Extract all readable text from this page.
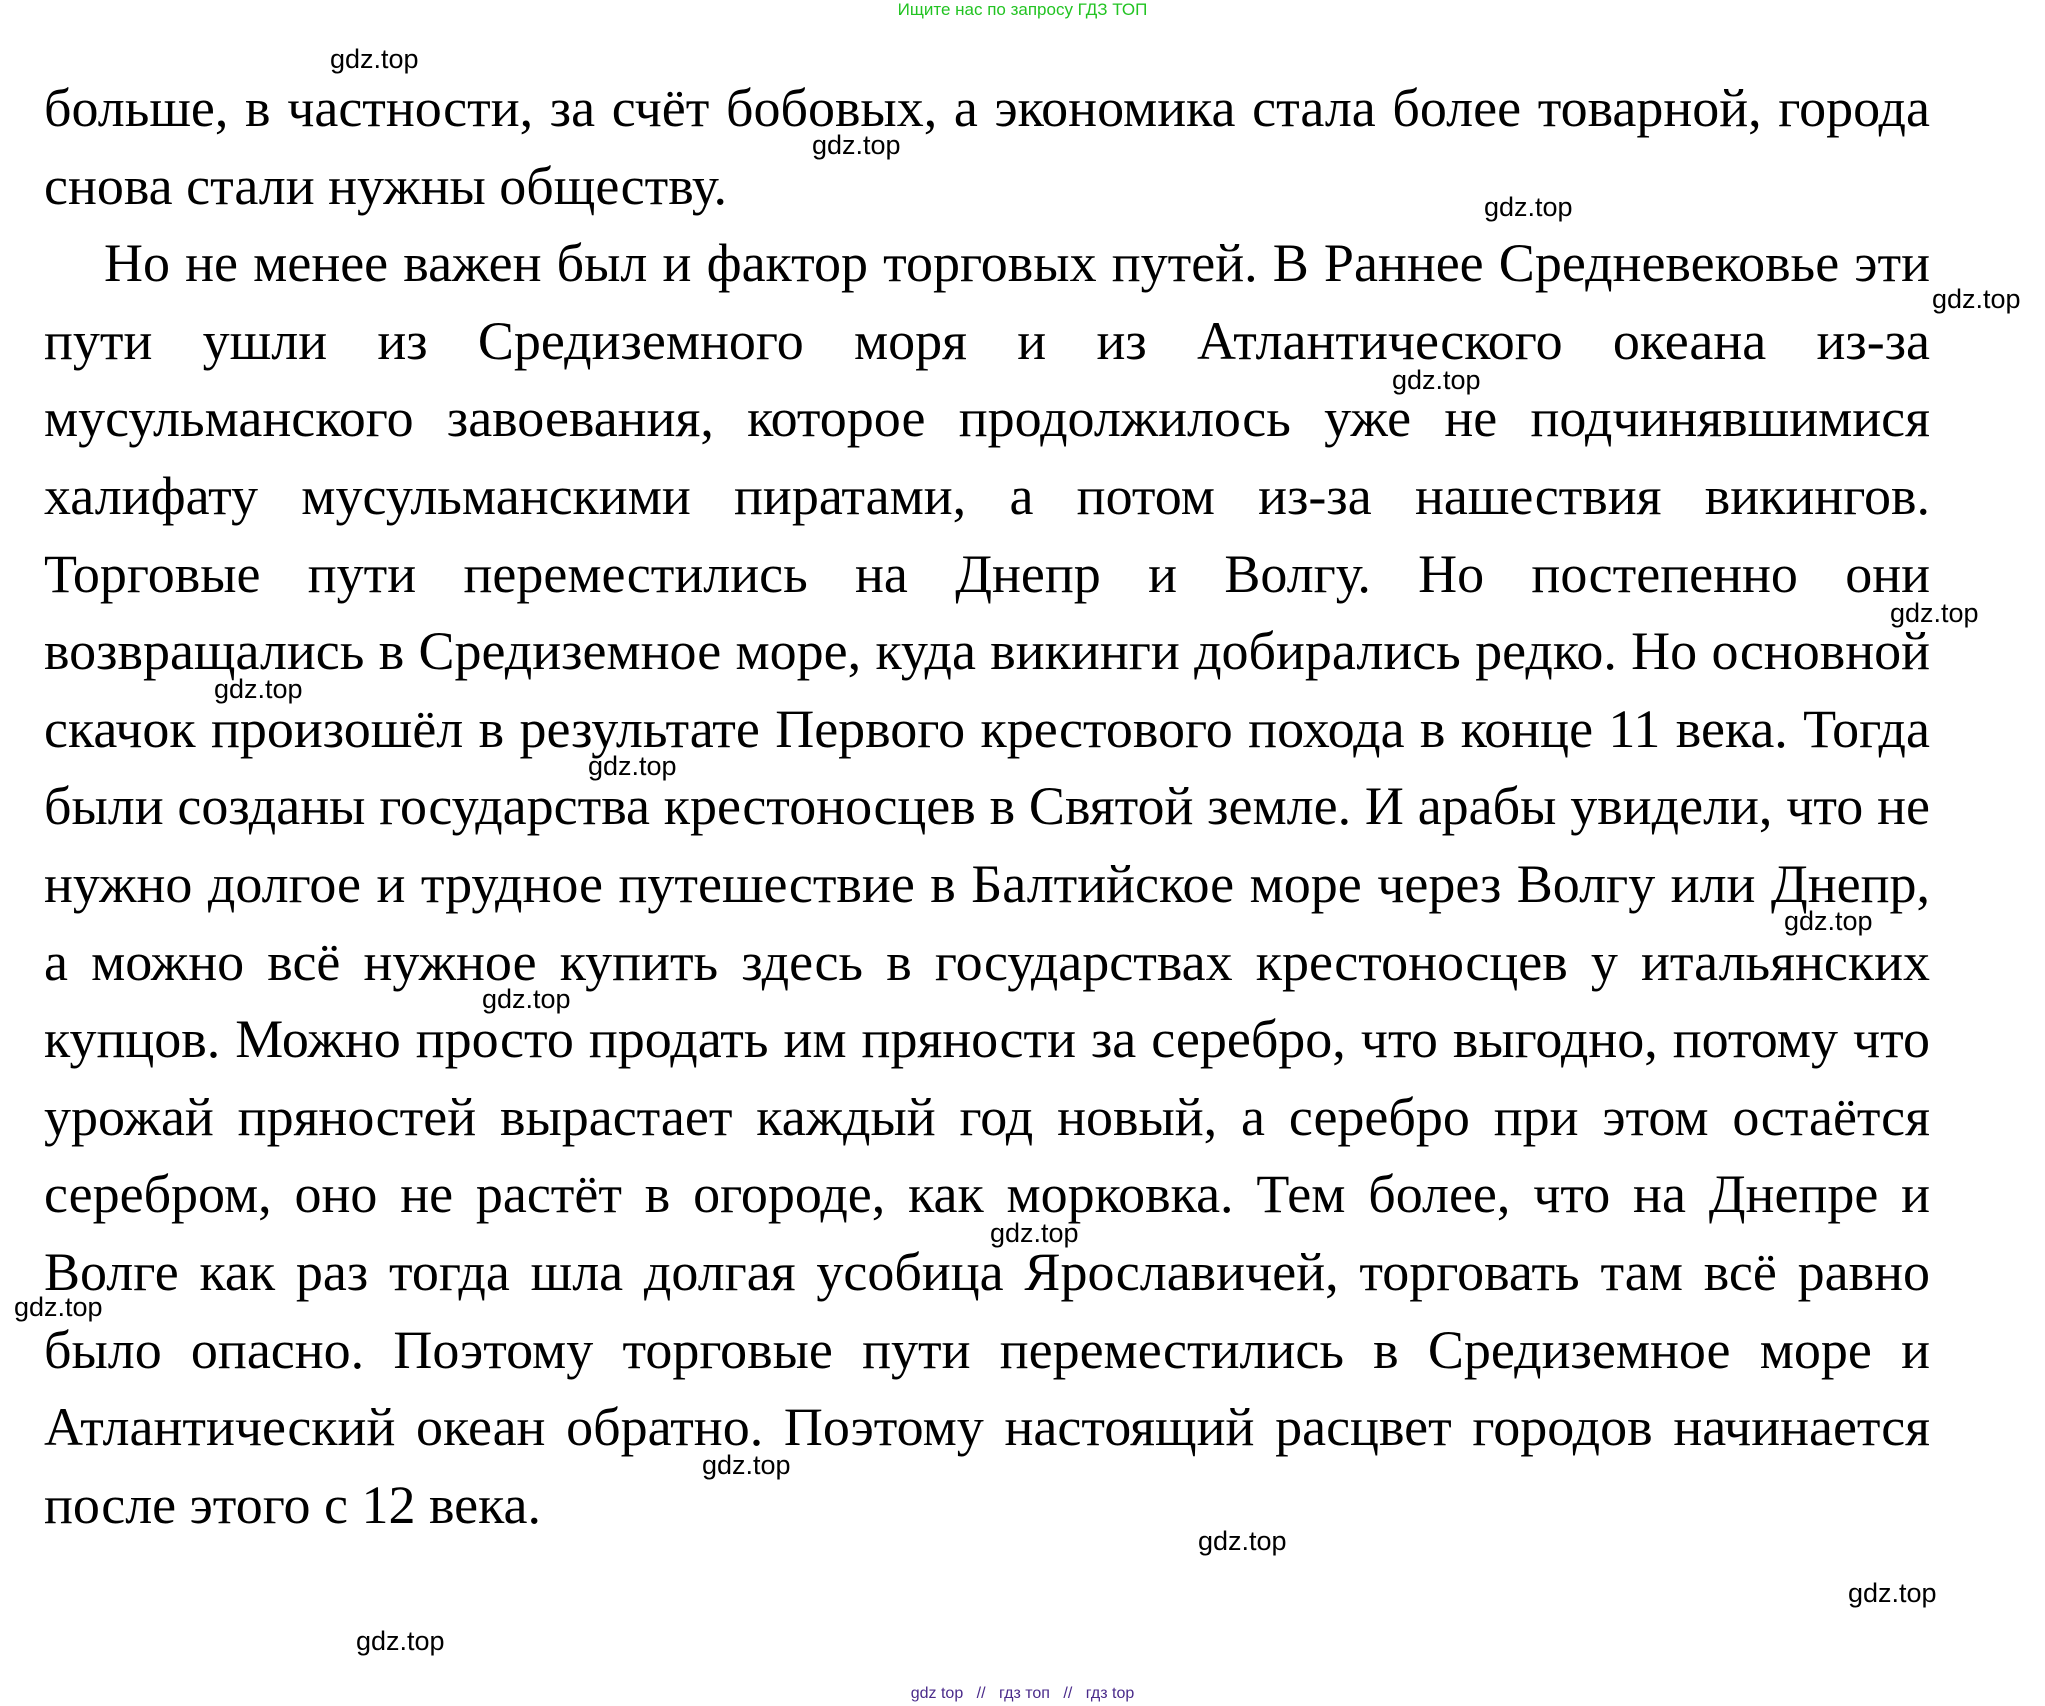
Ищите нас по запросу ГДЗ ТОП

больше, в частности, за счёт бобовых, а экономика стала более товарной, города снова стали нужны обществу.

Но не менее важен был и фактор торговых путей. В Раннее Средневековье эти пути ушли из Средиземного моря и из Атлантического океана из-за мусульманского завоевания, которое продолжилось уже не подчинявшимися халифату мусульманскими пиратами, а потом из-за нашествия викингов. Торговые пути переместились на Днепр и Волгу. Но постепенно они возвращались в Средиземное море, куда викинги добирались редко. Но основной скачок произошёл в результате Первого крестового похода в конце 11 века. Тогда были созданы государства крестоносцев в Святой земле. И арабы увидели, что не нужно долгое и трудное путешествие в Балтийское море через Волгу или Днепр, а можно всё нужное купить здесь в государствах крестоносцев у итальянских купцов. Можно просто продать им пряности за серебро, что выгодно, потому что урожай пряностей вырастает каждый год новый, а серебро при этом остаётся серебром, оно не растёт в огороде, как морковка. Тем более, что на Днепре и Волге как раз тогда шла долгая усобица Ярославичей, торговать там всё равно было опасно. Поэтому торговые пути переместились в Средиземное море и Атлантический океан обратно. Поэтому настоящий расцвет городов начинается после этого с 12 века.

gdz.top
gdz.top
gdz.top
gdz.top
gdz.top
gdz.top
gdz.top
gdz.top
gdz.top
gdz.top
gdz.top
gdz.top
gdz.top
gdz.top
gdz.top
gdz.top
gdz top // гдз топ // гдз top
